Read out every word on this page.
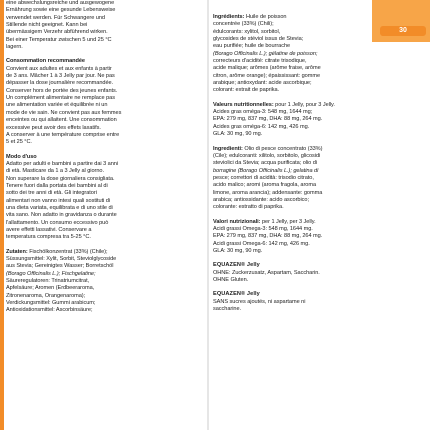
eine abwechslungsreiche und ausgewogene
Ernährung sowie eine gesunde Lebensweise
verwendet werden. Für Schwangere und
Stillende nicht geeignet. Kann bei
übermässigem Verzehr abführend wirken.
Bei einer Temperatur zwischen 5 und 25 °C
lagern.
Consommation recommandée
Convient aux adultes et aux enfants à partir
de 3 ans. Mâcher 1 à 3 Jelly par jour. Ne pas
dépasser la dose journalière recommandée.
Conserver hors de portée des jeunes enfants.
Un complément alimentaire ne remplace pas
une alimentation variée et équilibrée ni un
mode de vie sain. Ne convient pas aux femmes
enceintes ou qui allaitent. Une consommation
excessive peut avoir des effets laxatifs.
A conserver à une température comprise entre
5 et 25 °C.
Modo d'uso
Adatto per adulti e bambini a partire dai 3 anni
di età. Masticare da 1 a 3 Jelly al giorno.
Non superare la dose giornaliera consigliata.
Tenere fuori dalla portata dei bambini al di
sotto dei tre anni di età. Gli integratori
alimentari non vanno intesi quali sostituti di
una dieta variata, equilibrata e di uno stile di
vita sano. Non adatto in gravidanza o durante
l'allattamento. Un consumo eccessivo può
avere effetti lassativi. Conservare a
temperatura compresa tra 5-25 °C.
Zutaten: Fischölkonzentrat (33%) (Chile);
Süssungsmittel: Xylit, Sorbit, Steviolglycoside
aus Stevia; Gereinigtes Wasser; Borretschöl
(Borago Officinalis L.); Fischgelatine;
Säureregulatoren: Trinatriumcitrat,
Apfelsäure; Aromen (Erdbeeraroma,
Zitronenaroma, Orangenaroma);
Verdickungsmittel: Gummi arabicum;
Antioxidationsmittel: Ascorbinsäure;
30
Ingrédients: Huile de poisson
concentrée (33%) (Chili);
édulcorants: xylitol, sorbitol,
glycosides de stéviol issus de Stevia;
eau purifiée; huile de bourrache
(Borago Officinalis L.); gélatine de poisson;
correcteurs d'acidité: citrate trisodique,
acide malique; arômes (arôme fraise, arôme
citron, arôme orange); épaississant: gomme
arabique; antioxydant: acide ascorbique;
colorant: extrait de paprika.
Valeurs nutritionnelles: pour 1 Jelly, pour 3 Jelly.
Acides gras oméga-3: 548 mg, 1644 mg;
EPA: 279 mg, 837 mg, DHA: 88 mg, 264 mg.
Acides gras oméga-6: 142 mg, 426 mg.
GLA: 30 mg, 90 mg.
Ingredienti: Olio di pesce concentrato (33%)
(Cile); edulcoranti: xilitolo, sorbitolo, glicosidi
steviolici da Stevia; acqua purificata; olio di
borragine (Borago Officinalis L.); gelatina di
pesce; correttori di acidità: trisodio citrato,
acido malico; aromi (aroma fragola, aroma
limone, aroma arancia); addensante: gomma
arabica; antiossidante: acido ascorbico;
colorante: estratto di paprika.
Valori nutrizionali: per 1 Jelly, per 3 Jelly.
Acidi grassi Omega-3: 548 mg, 1644 mg.
EPA: 279 mg, 837 mg, DHA: 88 mg, 264 mg.
Acidi grassi Omega-6: 142 mg, 426 mg.
GLA: 30 mg, 90 mg.
EQUAZEN® Jelly
OHNE: Zuckerzusatz, Aspartam, Saccharin.
OHNE Gluten.
EQUAZEN® Jelly
SANS sucres ajoutés, ni aspartame ni
saccharine.
